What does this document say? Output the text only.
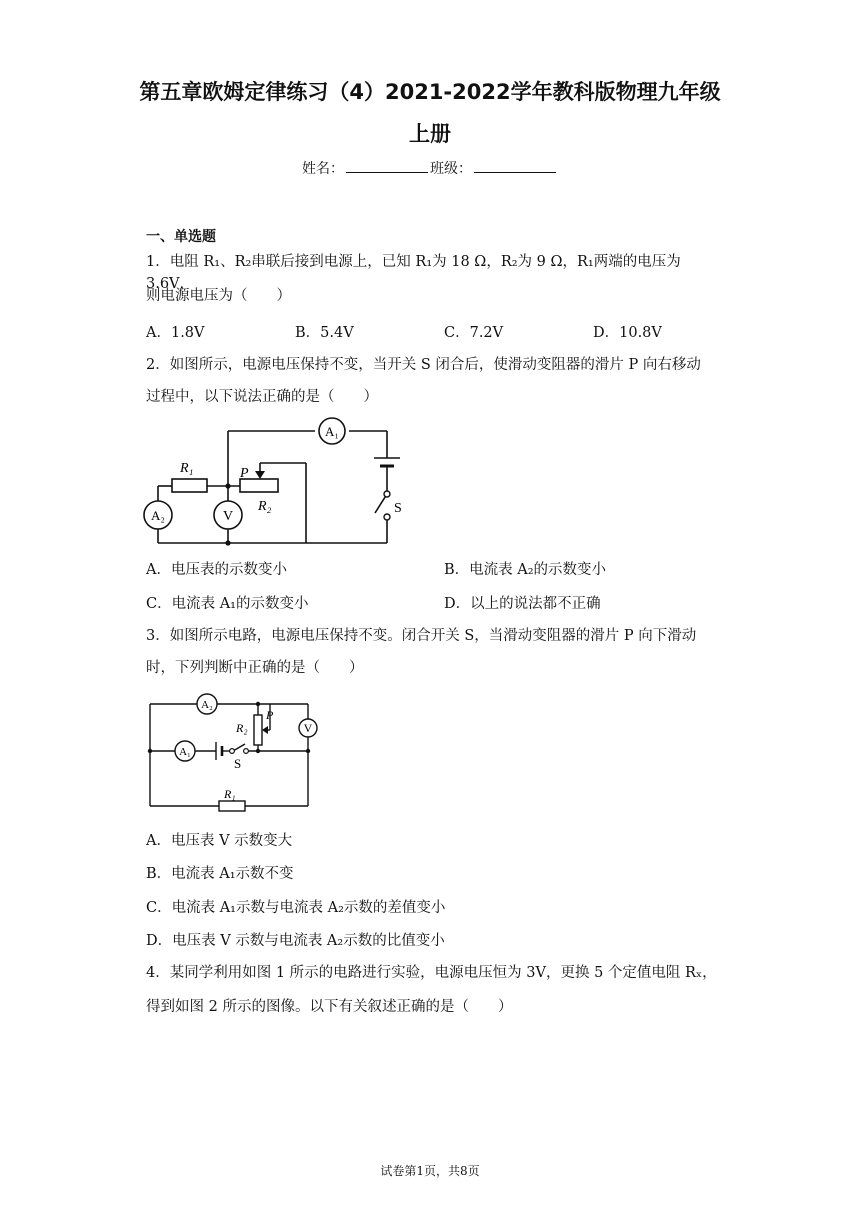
第五章欧姆定律练习（4）2021-2022学年教科版物理九年级
上册
姓名：	班级：
一、单选题
1．电阻 R₁、R₂串联后接到电源上，已知 R₁为 18 Ω，R₂为 9 Ω，R₁两端的电压为 3.6V，
则电源电压为（　　）
A．1.8V	B．5.4V	C．7.2V	D．10.8V
2．如图所示，电源电压保持不变，当开关 S 闭合后，使滑动变阻器的滑片 P 向右移动
过程中，以下说法正确的是（　　）
A₁
A₂	V
R₁
R₂
P
S
A．电压表的示数变小	B．电流表 A₂的示数变小
C．电流表 A₁的示数变小	D．以上的说法都不正确
3．如图所示电路，电源电压保持不变。闭合开关 S，当滑动变阻器的滑片 P 向下滑动
时，下列判断中正确的是（　　）
A₂
A₁
V
R₂
P
S
R₁
A．电压表 V 示数变大
B．电流表 A₁示数不变
C．电流表 A₁示数与电流表 A₂示数的差值变小
D．电压表 V 示数与电流表 A₂示数的比值变小
4．某同学利用如图 1 所示的电路进行实验，电源电压恒为 3V，更换 5 个定值电阻 Rₓ，
得到如图 2 所示的图像。以下有关叙述正确的是（　　）
试卷第1页，共8页
